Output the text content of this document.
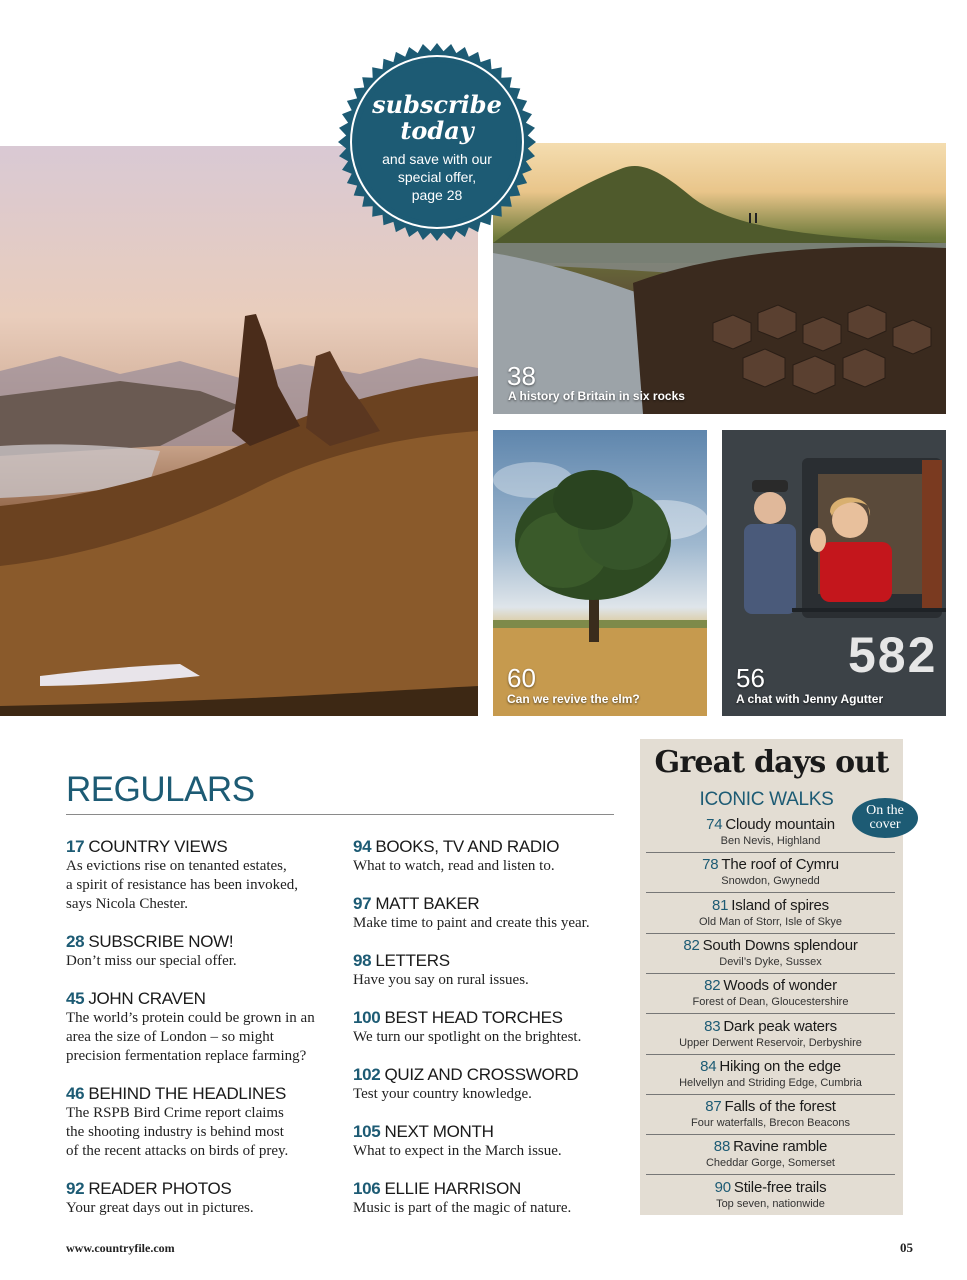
38
A history of Britain in six rocks
60
Can we revive the elm?
582
56
A chat with Jenny Agutter
subscribe
today
and save with our
special offer,
page 28
REGULARS
17 COUNTRY VIEWS
As evictions rise on tenanted estates,
a spirit of resistance has been invoked,
says Nicola Chester.
28 SUBSCRIBE NOW!
Don’t miss our special offer.
45 JOHN CRAVEN
The world’s protein could be grown in an
area the size of London – so might
precision fermentation replace farming?
46 BEHIND THE HEADLINES
The RSPB Bird Crime report claims
the shooting industry is behind most
of the recent attacks on birds of prey.
92 READER PHOTOS
Your great days out in pictures.
94 BOOKS, TV AND RADIO
What to watch, read and listen to.
97 MATT BAKER
Make time to paint and create this year.
98 LETTERS
Have you say on rural issues.
100 BEST HEAD TORCHES
We turn our spotlight on the brightest.
102 QUIZ AND CROSSWORD
Test your country knowledge.
105 NEXT MONTH
What to expect in the March issue.
106 ELLIE HARRISON
Music is part of the magic of nature.
Great days out
ICONIC WALKS
On the
cover
74 Cloudy mountain
Ben Nevis, Highland
78 The roof of Cymru
Snowdon, Gwynedd
81 Island of spires
Old Man of Storr, Isle of Skye
82 South Downs splendour
Devil’s Dyke, Sussex
82 Woods of wonder
Forest of Dean, Gloucestershire
83 Dark peak waters
Upper Derwent Reservoir, Derbyshire
84 Hiking on the edge
Helvellyn and Striding Edge, Cumbria
87 Falls of the forest
Four waterfalls, Brecon Beacons
88 Ravine ramble
Cheddar Gorge, Somerset
90 Stile-free trails
Top seven, nationwide
www.countryfile.com	05
